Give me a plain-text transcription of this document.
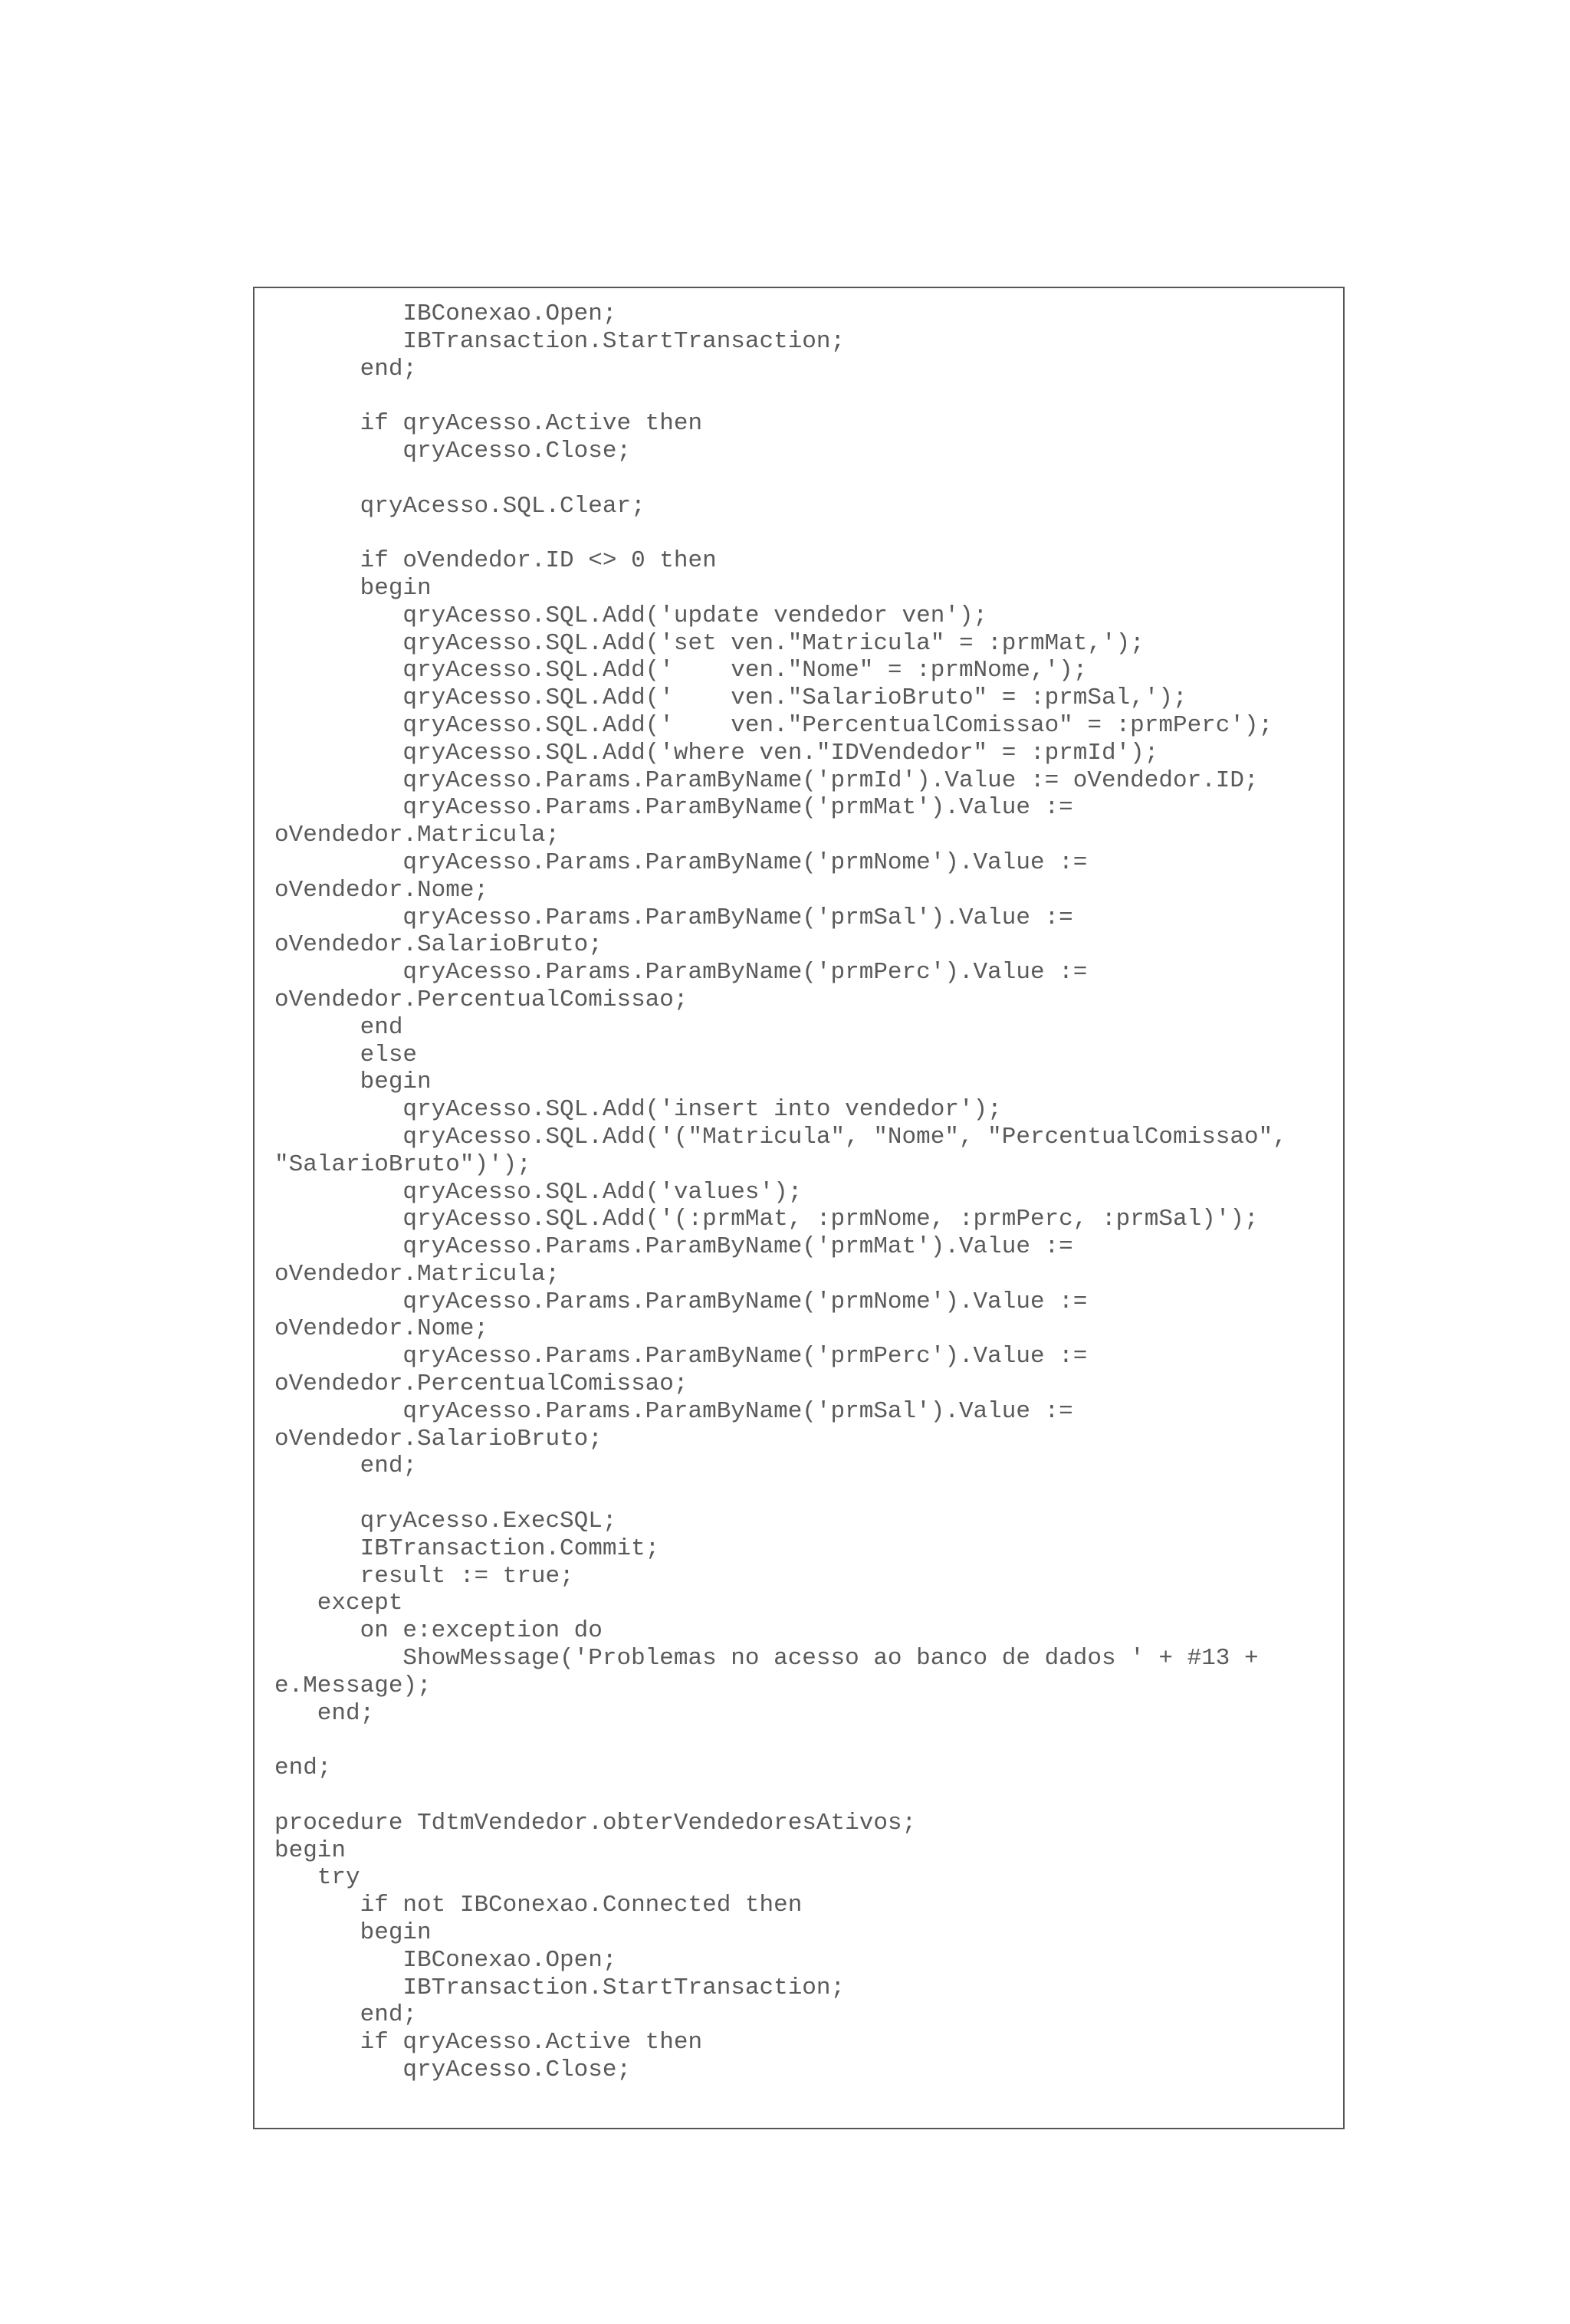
IBConexao.Open;
IBTransaction.StartTransaction;
end;
if qryAcesso.Active then
qryAcesso.Close;
qryAcesso.SQL.Clear;
if oVendedor.ID <> 0 then
begin
qryAcesso.SQL.Add('update vendedor ven');
qryAcesso.SQL.Add('set ven."Matricula" = :prmMat,');
qryAcesso.SQL.Add('    ven."Nome" = :prmNome,');
qryAcesso.SQL.Add('    ven."SalarioBruto" = :prmSal,');
qryAcesso.SQL.Add('    ven."PercentualComissao" = :prmPerc');
qryAcesso.SQL.Add('where ven."IDVendedor" = :prmId');
qryAcesso.Params.ParamByName('prmId').Value := oVendedor.ID;
qryAcesso.Params.ParamByName('prmMat').Value :=
oVendedor.Matricula;
qryAcesso.Params.ParamByName('prmNome').Value :=
oVendedor.Nome;
qryAcesso.Params.ParamByName('prmSal').Value :=
oVendedor.SalarioBruto;
qryAcesso.Params.ParamByName('prmPerc').Value :=
oVendedor.PercentualComissao;
end
else
begin
qryAcesso.SQL.Add('insert into vendedor');
qryAcesso.SQL.Add('("Matricula", "Nome", "PercentualComissao",
"SalarioBruto")');
qryAcesso.SQL.Add('values');
qryAcesso.SQL.Add('(:prmMat, :prmNome, :prmPerc, :prmSal)');
qryAcesso.Params.ParamByName('prmMat').Value :=
oVendedor.Matricula;
qryAcesso.Params.ParamByName('prmNome').Value :=
oVendedor.Nome;
qryAcesso.Params.ParamByName('prmPerc').Value :=
oVendedor.PercentualComissao;
qryAcesso.Params.ParamByName('prmSal').Value :=
oVendedor.SalarioBruto;
end;
qryAcesso.ExecSQL;
IBTransaction.Commit;
result := true;
except
on e:exception do
ShowMessage('Problemas no acesso ao banco de dados ' + #13 +
e.Message);
end;
end;
procedure TdtmVendedor.obterVendedoresAtivos;
begin
try
if not IBConexao.Connected then
begin
IBConexao.Open;
IBTransaction.StartTransaction;
end;
if qryAcesso.Active then
qryAcesso.Close;
